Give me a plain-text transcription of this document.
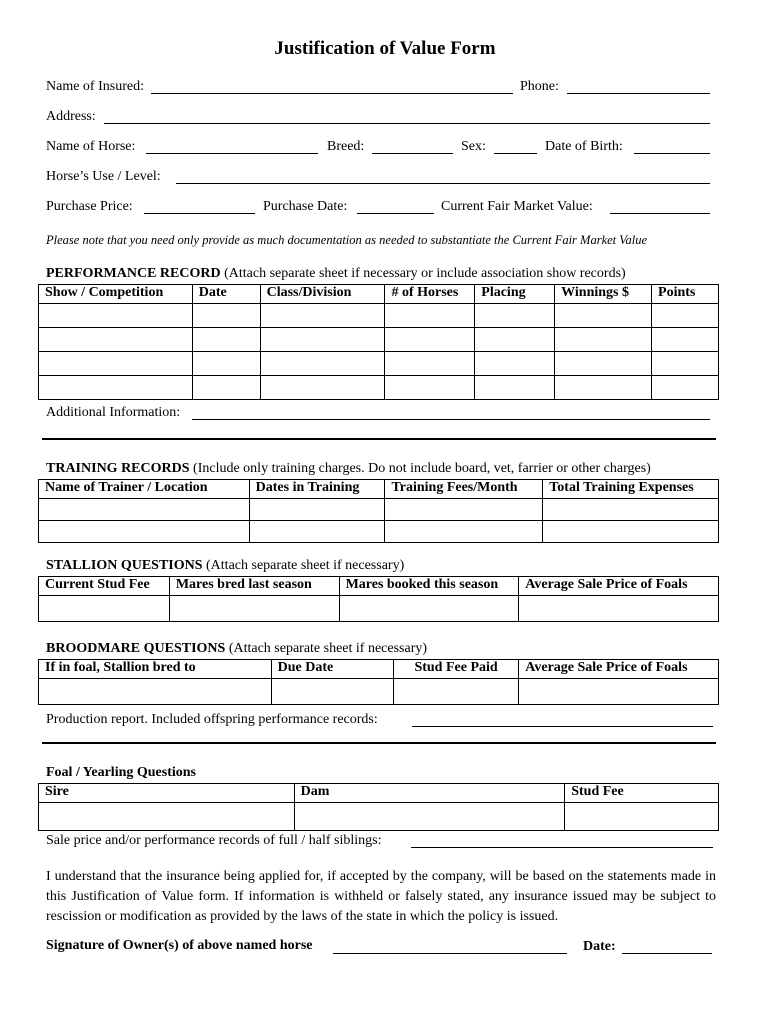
Justification of Value Form
Name of Insured:	Phone:
Address:
Name of Horse:	Breed:	Sex:	Date of Birth:
Horse’s Use / Level:
Purchase Price:	Purchase Date:	Current Fair Market Value:
Please note that you need only provide as much documentation as needed to substantiate the Current Fair Market Value
PERFORMANCE RECORD (Attach separate sheet if necessary or include association show records)
Show / Competition	Date	Class/Division	# of Horses	Placing	Winnings $	Points

Additional Information:
TRAINING RECORDS (Include only training charges. Do not include board, vet, farrier or other charges)
Name of Trainer / Location	Dates in Training	Training Fees/Month	Total Training Expenses

STALLION QUESTIONS (Attach separate sheet if necessary)
Current Stud Fee	Mares bred last season	Mares booked this season	Average Sale Price of Foals

BROODMARE QUESTIONS (Attach separate sheet if necessary)
If in foal, Stallion bred to	Due Date	Stud Fee Paid	Average Sale Price of Foals

Production report. Included offspring performance records:
Foal / Yearling Questions
Sire	Dam	Stud Fee

Sale price and/or performance records of full / half siblings:
I understand that the insurance being applied for, if accepted by the company, will be based on the statements made in this Justification of Value form. If information is withheld or falsely stated, any insurance issued may be subject to rescission or modification as provided by the laws of the state in which the policy is issued.
Signature of Owner(s) of above named horse	Date:
